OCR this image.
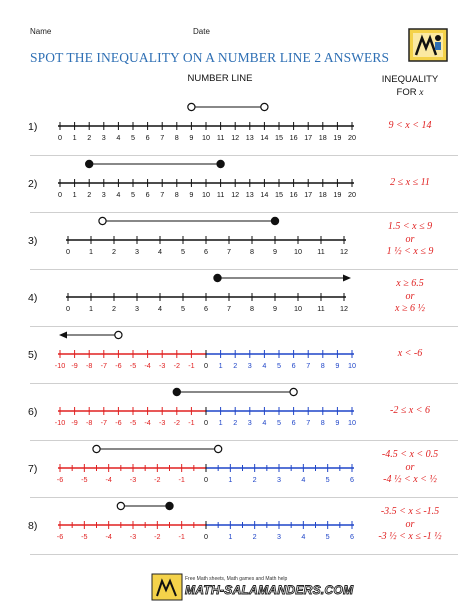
Name	Date
SPOT THE INEQUALITY ON A NUMBER LINE 2 ANSWERS
NUMBER LINE	INEQUALITY
FOR x
1)
0 1 2 3 4 5 6 7 8 9 10 11 12 13 14 15 16 17 18 19 20
9 < x < 14
2)
0 1 2 3 4 5 6 7 8 9 10 11 12 13 14 15 16 17 18 19 20
2 ≤ x ≤ 11
3)
0	1	2	3	4	5	6	7	8	9 10 11 12
1.5 < x ≤ 9
or
1 ½ < x ≤ 9
4)
0	1	2	3	4	5	6	7	8	9 10 11 12
x ≥ 6.5
or
x ≥ 6 ½
5)
-10 -9 -8 -7 -6 -5 -4 -3 -2 -1 0 1 2 3 4 5 6 7 8 9 10
x < -6
6)
-10 -9 -8 -7 -6 -5 -4 -3 -2 -1 0 1 2 3 4 5 6 7 8 9 10
-2 ≤ x < 6
7)
-6 -5 -4 -3 -2 -1	0	1	2	3	4	5	6
-4.5 < x < 0.5
or
-4 ½ < x < ½
8)
-6 -5 -4 -3 -2 -1	0	1	2	3	4	5	6
-3.5 < x ≤ -1.5
or
-3 ½ < x ≤ -1 ½
Free Math sheets, Math games and Math help
MATH-SALAMANDERS.COM
